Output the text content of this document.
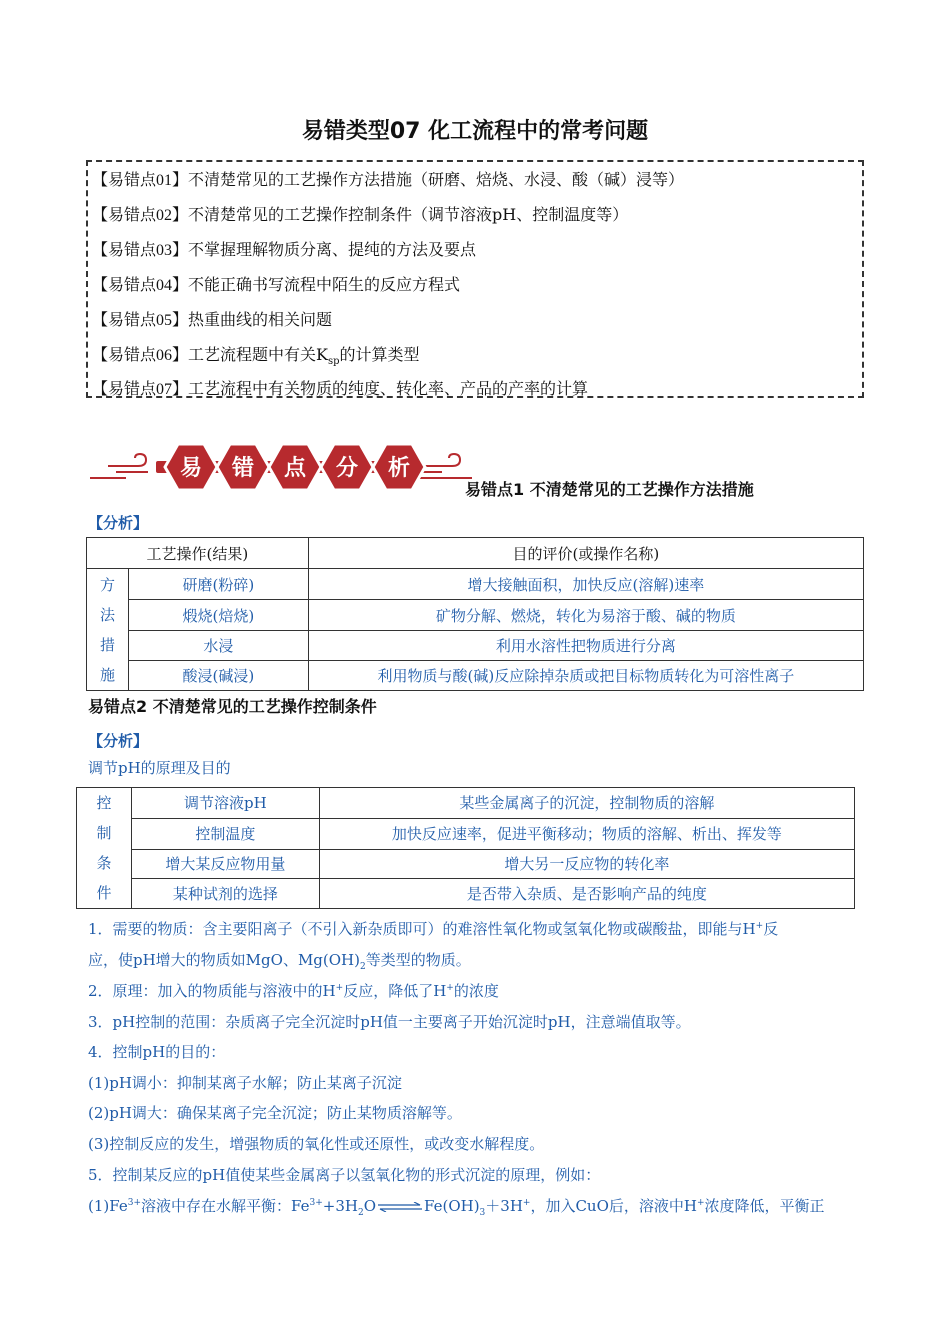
易错类型07 化工流程中的常考问题
【易错点01】不清楚常见的工艺操作方法措施（研磨、焙烧、水浸、酸（碱）浸等）
【易错点02】不清楚常见的工艺操作控制条件（调节溶液pH、控制温度等）
【易错点03】不掌握理解物质分离、提纯的方法及要点
【易错点04】不能正确书写流程中陌生的反应方程式
【易错点05】热重曲线的相关问题
【易错点06】工艺流程题中有关$K_{sp}$的计算类型
【易错点07】工艺流程中有关物质的纯度、转化率、产品的产率的计算
易 错 点 分 析
易错点1 不清楚常见的工艺操作方法措施
【分析】
工艺操作(结果)		目的评价(或操作名称)

方
法
措
施	研磨(粉碎)	增大接触面积，加快反应(溶解)速率
	煅烧(焙烧)	矿物分解、燃烧，转化为易溶于酸、碱的物质
	水浸	利用水溶性把物质进行分离
	酸浸(碱浸)	利用物质与酸(碱)反应除掉杂质或把目标物质转化为可溶性离子
易错点2 不清楚常见的工艺操作控制条件
【分析】
调节pH的原理及目的
控
制
条
件	调节溶液pH	某些金属离子的沉淀，控制物质的溶解
	控制温度	加快反应速率，促进平衡移动；物质的溶解、析出、挥发等
	增大某反应物用量	增大另一反应物的转化率
	某种试剂的选择	是否带入杂质、是否影响产品的纯度
1．需要的物质：含主要阳离子（不引入新杂质即可）的难溶性氧化物或氢氧化物或碳酸盐，即能与H+反
应，使pH增大的物质如MgO、$Mg(OH)_2$等类型的物质。
2．原理：加入的物质能与溶液中的H+反应，降低了H+的浓度
3．pH控制的范围：杂质离子完全沉淀时pH值一主要离子开始沉淀时pH，注意端值取等。
4．控制pH的目的：
(1)pH调小：抑制某离子水解；防止某离子沉淀
(2)pH调大：确保某离子完全沉淀；防止某物质溶解等。
(3)控制反应的发生，增强物质的氧化性或还原性，或改变水解程度。
5．控制某反应的pH值使某些金属离子以氢氧化物的形式沉淀的原理，例如：
$(1)Fe^{3+}$溶液中存在水解平衡：$Fe^{3+}+3H_2O\rightleftharpoons Fe(OH)_3+3H^+$，加入CuO后，溶液中H+浓度降低，平衡正
